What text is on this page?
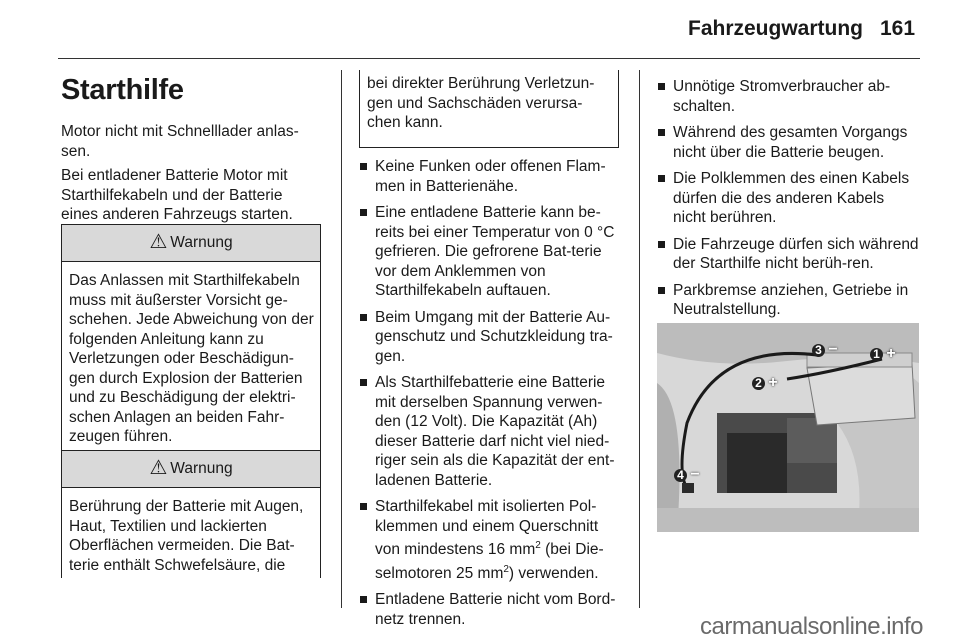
Fahrzeugwartung 161
Starthilfe

Motor nicht mit Schnelllader anlas-sen.

Bei entladener Batterie Motor mit Starthilfekabeln und der Batterie eines anderen Fahrzeugs starten.

⚠ Warnung
Das Anlassen mit Starthilfekabeln muss mit äußerster Vorsicht ge-schehen. Jede Abweichung von der folgenden Anleitung kann zu Verletzungen oder Beschädigun-gen durch Explosion der Batterien und zu Beschädigung der elektri-schen Anlagen an beiden Fahr-zeugen führen.
⚠ Warnung
Berührung der Batterie mit Augen, Haut, Textilien und lackierten Oberflächen vermeiden. Die Bat-terie enthält Schwefelsäure, die
bei direkter Berührung Verletzun-gen und Sachschäden verursa-chen kann.
Keine Funken oder offenen Flam-men in Batterienähe.
Eine entladene Batterie kann be-reits bei einer Temperatur von 0 °C gefrieren. Die gefrorene Bat-terie vor dem Anklemmen von Starthilfekabeln auftauen.
Beim Umgang mit der Batterie Au-genschutz und Schutzkleidung tra-gen.
Als Starthilfebatterie eine Batterie mit derselben Spannung verwen-den (12 Volt). Die Kapazität (Ah) dieser Batterie darf nicht viel nied-riger sein als die Kapazität der ent-ladenen Batterie.
Starthilfekabel mit isolierten Pol-klemmen und einem Querschnitt von mindestens 16 $mm^2$ (bei Die-selmotoren 25 $mm^2$) verwenden.
Entladene Batterie nicht vom Bord-netz trennen.
Unnötige Stromverbraucher ab-schalten.
Während des gesamten Vorgangs nicht über die Batterie beugen.
Die Polklemmen des einen Kabels dürfen die des anderen Kabels nicht berühren.
Die Fahrzeuge dürfen sich während der Starthilfe nicht berüh-ren.
Parkbremse anziehen, Getriebe in Neutralstellung.
3 −	1 +
2 +
4 −
carmanualsonline.info
